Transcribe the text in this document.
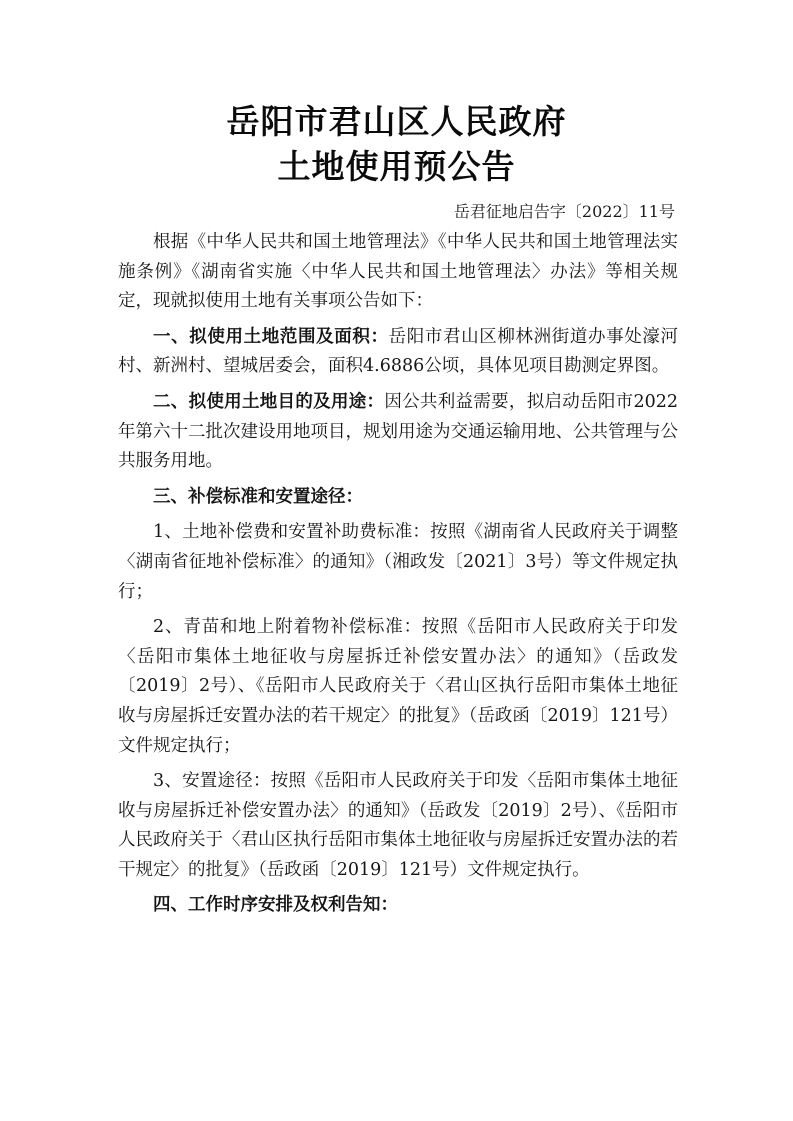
岳阳市君山区人民政府
土地使用预公告
岳君征地启告字〔2022〕11号

根据《中华人民共和国土地管理法》《中华人民共和国土地管理法实施条例》《湖南省实施〈中华人民共和国土地管理法〉办法》等相关规定，现就拟使用土地有关事项公告如下：

一、拟使用土地范围及面积：岳阳市君山区柳林洲街道办事处濠河村、新洲村、望城居委会，面积4.6886公顷，具体见项目勘测定界图。

二、拟使用土地目的及用途：因公共利益需要，拟启动岳阳市2022年第六十二批次建设用地项目，规划用途为交通运输用地、公共管理与公共服务用地。

三、补偿标准和安置途径：

1、土地补偿费和安置补助费标准：按照《湖南省人民政府关于调整〈湖南省征地补偿标准〉的通知》（湘政发〔2021〕3号）等文件规定执行；

2、青苗和地上附着物补偿标准：按照《岳阳市人民政府关于印发〈岳阳市集体土地征收与房屋拆迁补偿安置办法〉的通知》（岳政发〔2019〕2号）、《岳阳市人民政府关于〈君山区执行岳阳市集体土地征收与房屋拆迁安置办法的若干规定〉的批复》（岳政函〔2019〕121号）文件规定执行；

3、安置途径：按照《岳阳市人民政府关于印发〈岳阳市集体土地征收与房屋拆迁补偿安置办法〉的通知》（岳政发〔2019〕2号）、《岳阳市人民政府关于〈君山区执行岳阳市集体土地征收与房屋拆迁安置办法的若干规定〉的批复》（岳政函〔2019〕121号）文件规定执行。

四、工作时序安排及权利告知：
